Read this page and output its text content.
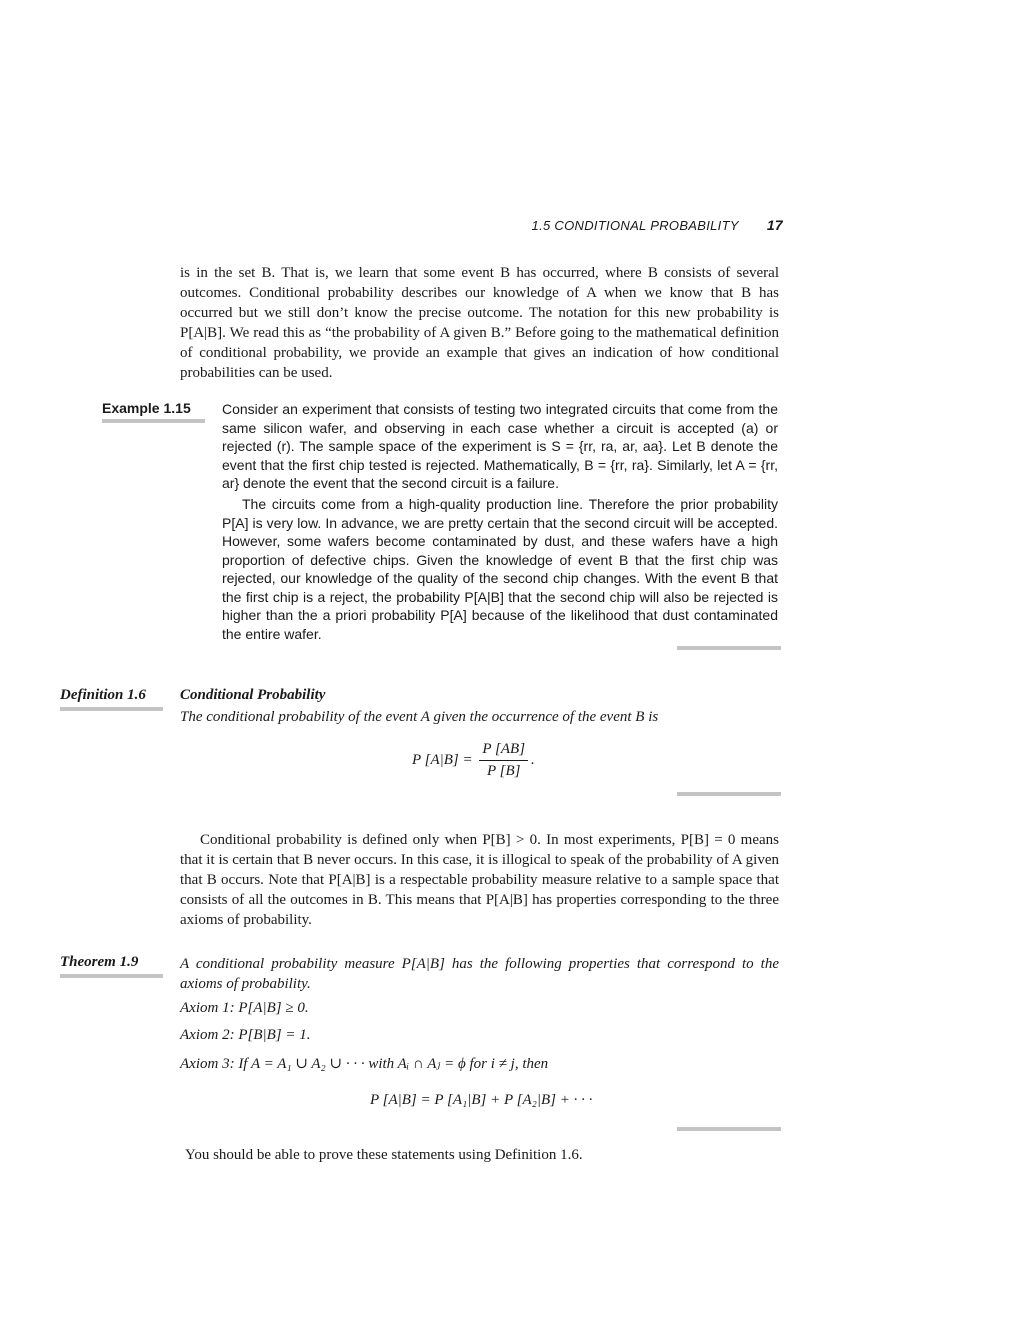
1.5 CONDITIONAL PROBABILITY 17
is in the set B. That is, we learn that some event B has occurred, where B consists of several outcomes. Conditional probability describes our knowledge of A when we know that B has occurred but we still don’t know the precise outcome. The notation for this new probability is P[A|B]. We read this as “the probability of A given B.” Before going to the mathematical definition of conditional probability, we provide an example that gives an indication of how conditional probabilities can be used.
Example 1.15 Consider an experiment that consists of testing two integrated circuits that come from the same silicon wafer, and observing in each case whether a circuit is accepted (a) or rejected (r). The sample space of the experiment is S = {rr, ra, ar, aa}. Let B denote the event that the first chip tested is rejected. Mathematically, B = {rr, ra}. Similarly, let A = {rr, ar} denote the event that the second circuit is a failure.
The circuits come from a high-quality production line. Therefore the prior probability P[A] is very low. In advance, we are pretty certain that the second circuit will be accepted. However, some wafers become contaminated by dust, and these wafers have a high proportion of defective chips. Given the knowledge of event B that the first chip was rejected, our knowledge of the quality of the second chip changes. With the event B that the first chip is a reject, the probability P[A|B] that the second chip will also be rejected is higher than the a priori probability P[A] because of the likelihood that dust contaminated the entire wafer.
Definition 1.6 Conditional Probability
The conditional probability of the event A given the occurrence of the event B is
P $[A|B] = \frac{P [AB]}{P [B]}$ .
Conditional probability is defined only when P[B] > 0. In most experiments, P[B] = 0 means that it is certain that B never occurs. In this case, it is illogical to speak of the probability of A given that B occurs. Note that P[A|B] is a respectable probability measure relative to a sample space that consists of all the outcomes in B. This means that P[A|B] has properties corresponding to the three axioms of probability.
Theorem 1.9	A conditional probability measure P[A|B] has the following properties that correspond to the axioms of probability.
Axiom 1: P[A|B] ≥ 0.
Axiom 2: P[B|B] = 1.
Axiom 3: If A = A₁ ∪ A₂ ∪ · · · with Aᵢ ∩ Aⱼ = ϕ for i ≠ j, then
P [A|B] = P [A₁|B] + P [A₂|B] + · · ·
You should be able to prove these statements using Definition 1.6.
